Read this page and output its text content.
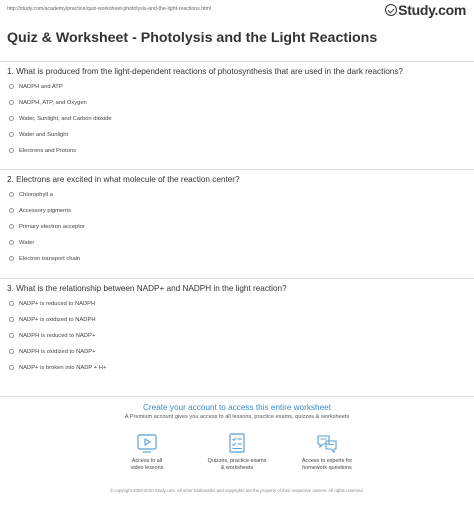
http://study.com/academy/practice/quiz-worksheet-photolysis-and-the-light-reactions.html	Study.com
Quiz & Worksheet - Photolysis and the Light Reactions
1. What is produced from the light-dependent reactions of photosynthesis that are used in the dark reactions?
NADPH and ATP
NADPH, ATP, and Oxygen
Water, Sunlight, and Carbon dioxide
Water and Sunlight
Electrons and Protons
2. Electrons are excited in what molecule of the reaction center?
Chlorophyll a
Accessory pigments
Primary electron acceptor
Water
Electron transport chain
3. What is the relationship between NADP+ and NADPH in the light reaction?
NADP+ is reduced to NADPH
NADP+ is oxidized to NADPH
NADPH is reduced to NADP+
NADPH is oxidized to NADP+
NADP+ is broken into NADP + H+
Create your account to access this entire worksheet
A Premium account gives you access to all lessons, practice exams, quizzes & worksheets
Access to all
video lessons
Quizzes, practice exams
& worksheets
Access to experts for
homework questions
© copyright 2003-2020 Study.com. All other trademarks and copyrights are the property of their respective owners. All rights reserved.
